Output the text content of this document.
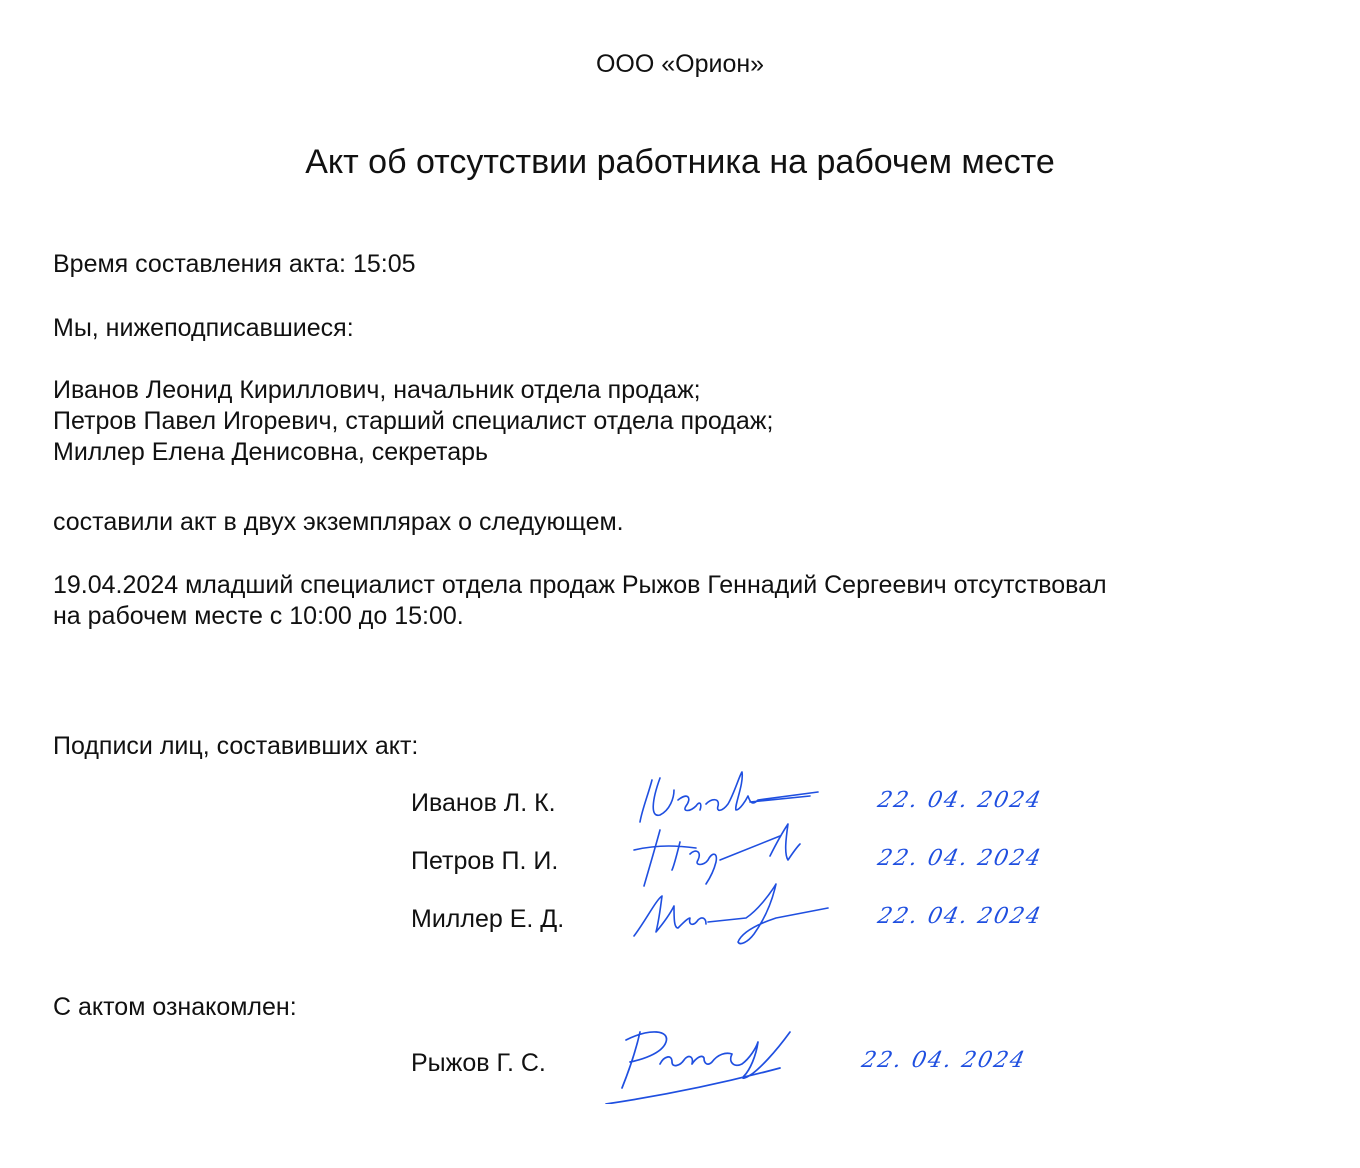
ООО «Орион»
Акт об отсутствии работника на рабочем месте

Время составления акта: 15:05

Мы, нижеподписавшиеся:

Иванов Леонид Кириллович, начальник отдела продаж;
Петров Павел Игоревич, старший специалист отдела продаж;
Миллер Елена Денисовна, секретарь

составили акт в двух экземплярах о следующем.

19.04.2024 младший специалист отдела продаж Рыжов Геннадий Сергеевич отсутствовал
на рабочем месте с 10:00 до 15:00.

Подписи лиц, составивших акт:

Иванов Л. К.	22. 04. 2024
Петров П. И.	22. 04. 2024
Миллер Е. Д.	22. 04. 2024

С актом ознакомлен:

Рыжов Г. С.	22. 04. 2024
